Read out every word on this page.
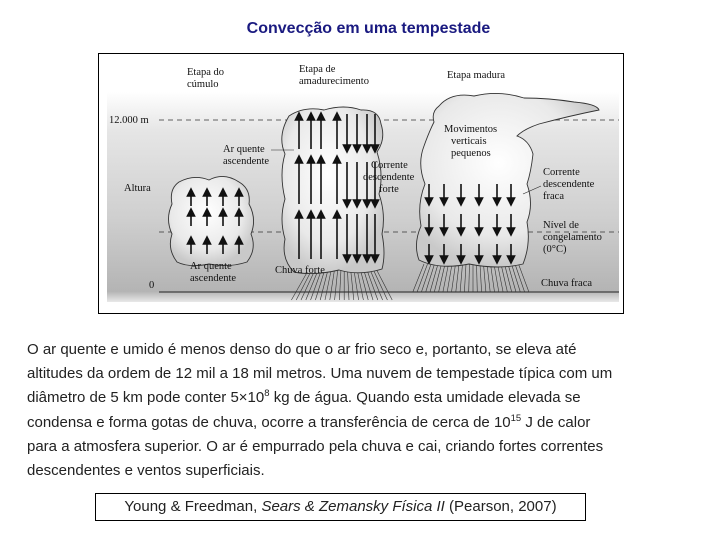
Convecção em uma tempestade
12.000 m
Altura
0
Etapa do
cúmulo
Etapa de
amadurecimento
Etapa madura
Ar quente
ascendente
Ar quente
ascendente
Corrente
descendente
forte
Chuva forte
Movimentos
verticais
pequenos
Corrente
descendente
fraca
Nível de
congelamento
(0°C)
Chuva fraca
O ar quente e umido é menos denso do que o ar frio seco e, portanto, se eleva até
altitudes da ordem de 12 mil a 18 mil metros. Uma nuvem de tempestade típica com um
diâmetro de 5 km pode conter $5\times 10^8$ kg de água. Quando esta umidade elevada se
condensa e forma gotas de chuva, ocorre a transferência de cerca de $10^{15}$ J de calor
para a atmosfera superior. O ar é empurrado pela chuva e cai, criando fortes correntes
descendentes e ventos superficiais.
Young & Freedman, Sears & Zemansky Física II (Pearson, 2007)
